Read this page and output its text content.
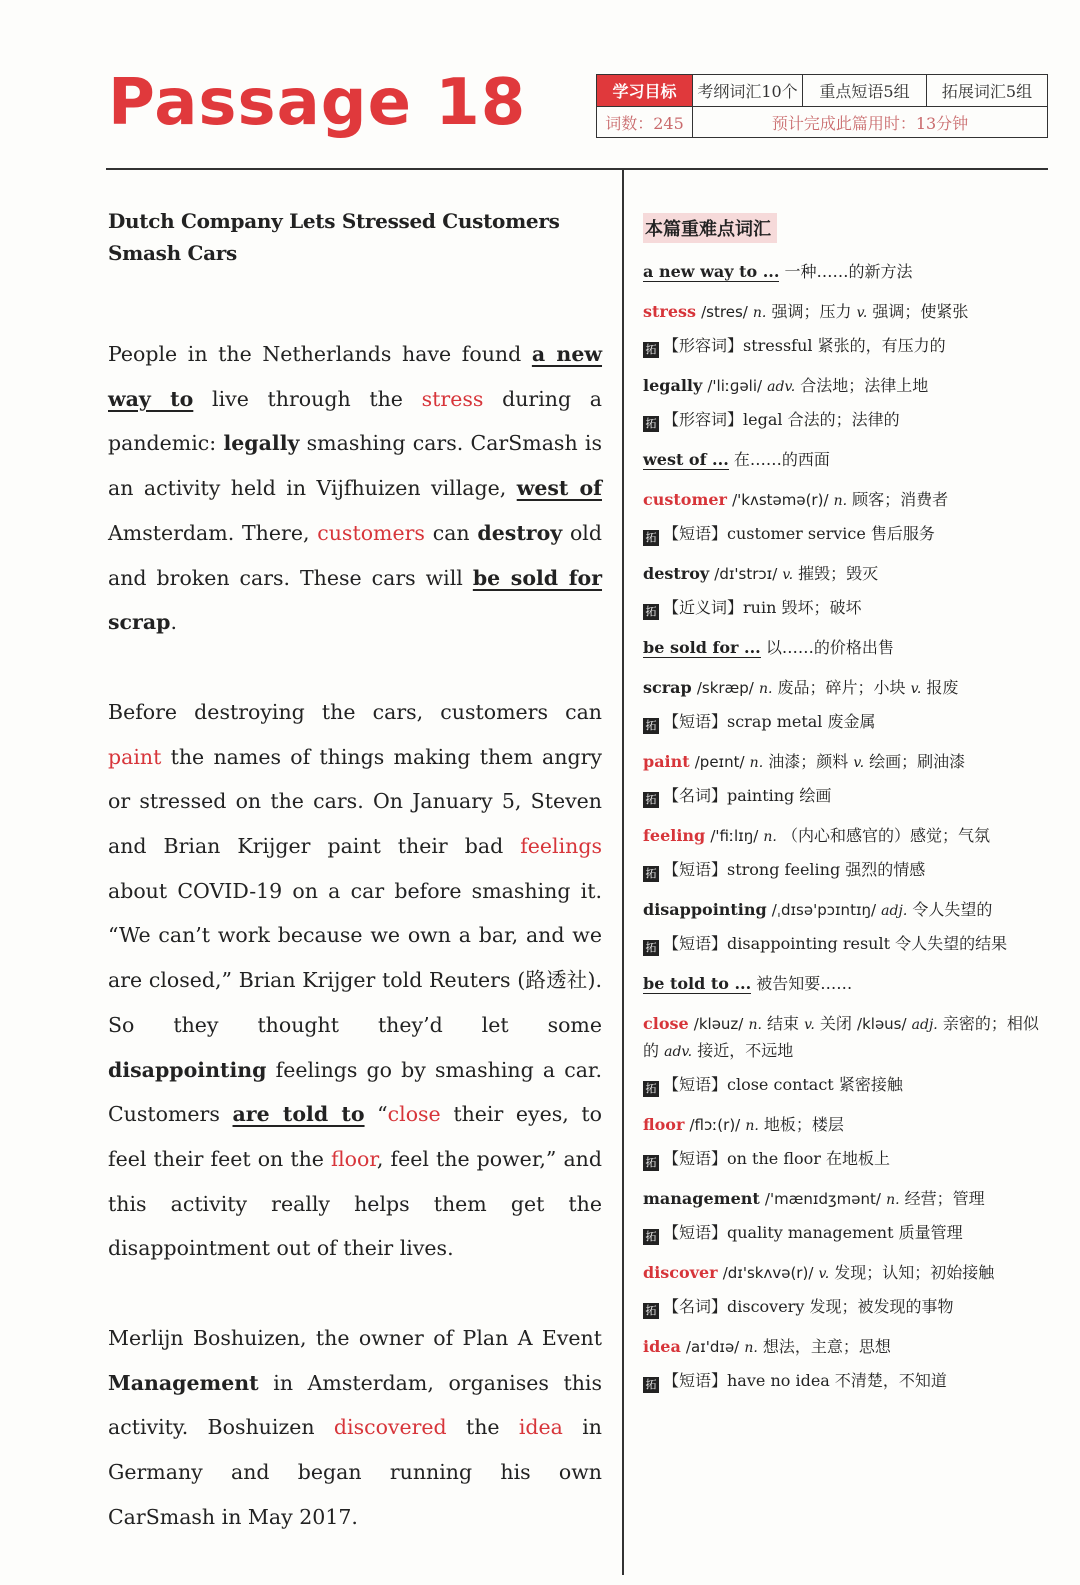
Passage 18	学习目标	考纲词汇10个	重点短语5组	拓展词汇5组
词数：245	预计完成此篇用时：13分钟
Dutch Company Lets Stressed Customers Smash Cars

People in the Netherlands have found a new way to live through the stress during a pandemic: legally smashing cars. CarSmash is an activity held in Vijfhuizen village, west of Amsterdam. There, customers can destroy old and broken cars. These cars will be sold for scrap.

Before destroying the cars, customers can paint the names of things making them angry or stressed on the cars. On January 5, Steven and Brian Krijger paint their bad feelings about COVID-19 on a car before smashing it. “We can’t work because we own a bar, and we are closed,” Brian Krijger told Reuters (路透社). So they thought they’d let some disappointing feelings go by smashing a car. Customers are told to “close their eyes, to feel their feet on the floor, feel the power,” and this activity really helps them get the disappointment out of their lives.

Merlijn Boshuizen, the owner of Plan A Event Management in Amsterdam, organises this activity. Boshuizen discovered the idea in Germany and began running his own CarSmash in May 2017.

本篇重难点词汇
a new way to ... 一种……的新方法
stress /stres/ n. 强调；压力 v. 强调；使紧张
拓 【形容词】stressful 紧张的，有压力的
legally /'liːɡəli/ adv. 合法地；法律上地
拓 【形容词】legal 合法的；法律的
west of ... 在……的西面
customer /'kʌstəmə(r)/ n. 顾客；消费者
拓 【短语】customer service 售后服务
destroy /dɪ'strɔɪ/ v. 摧毁；毁灭
拓 【近义词】ruin 毁坏；破坏
be sold for ... 以……的价格出售
scrap /skræp/ n. 废品；碎片；小块 v. 报废
拓 【短语】scrap metal 废金属
paint /peɪnt/ n. 油漆；颜料 v. 绘画；刷油漆
拓 【名词】painting 绘画
feeling /'fiːlɪŋ/ n. （内心和感官的）感觉；气氛
拓 【短语】strong feeling 强烈的情感
disappointing /ˌdɪsə'pɔɪntɪŋ/ adj. 令人失望的
拓 【短语】disappointing result 令人失望的结果
be told to ... 被告知要……
close /kləuz/ n. 结束 v. 关闭 /kləus/ adj. 亲密的；相似的 adv. 接近，不远地
拓 【短语】close contact 紧密接触
floor /flɔː(r)/ n. 地板；楼层
拓 【短语】on the floor 在地板上
management /'mænɪdʒmənt/ n. 经营；管理
拓 【短语】quality management 质量管理
discover /dɪ'skʌvə(r)/ v. 发现；认知；初始接触
拓 【名词】discovery 发现；被发现的事物
idea /aɪ'dɪə/ n. 想法，主意；思想
拓 【短语】have no idea 不清楚，不知道
